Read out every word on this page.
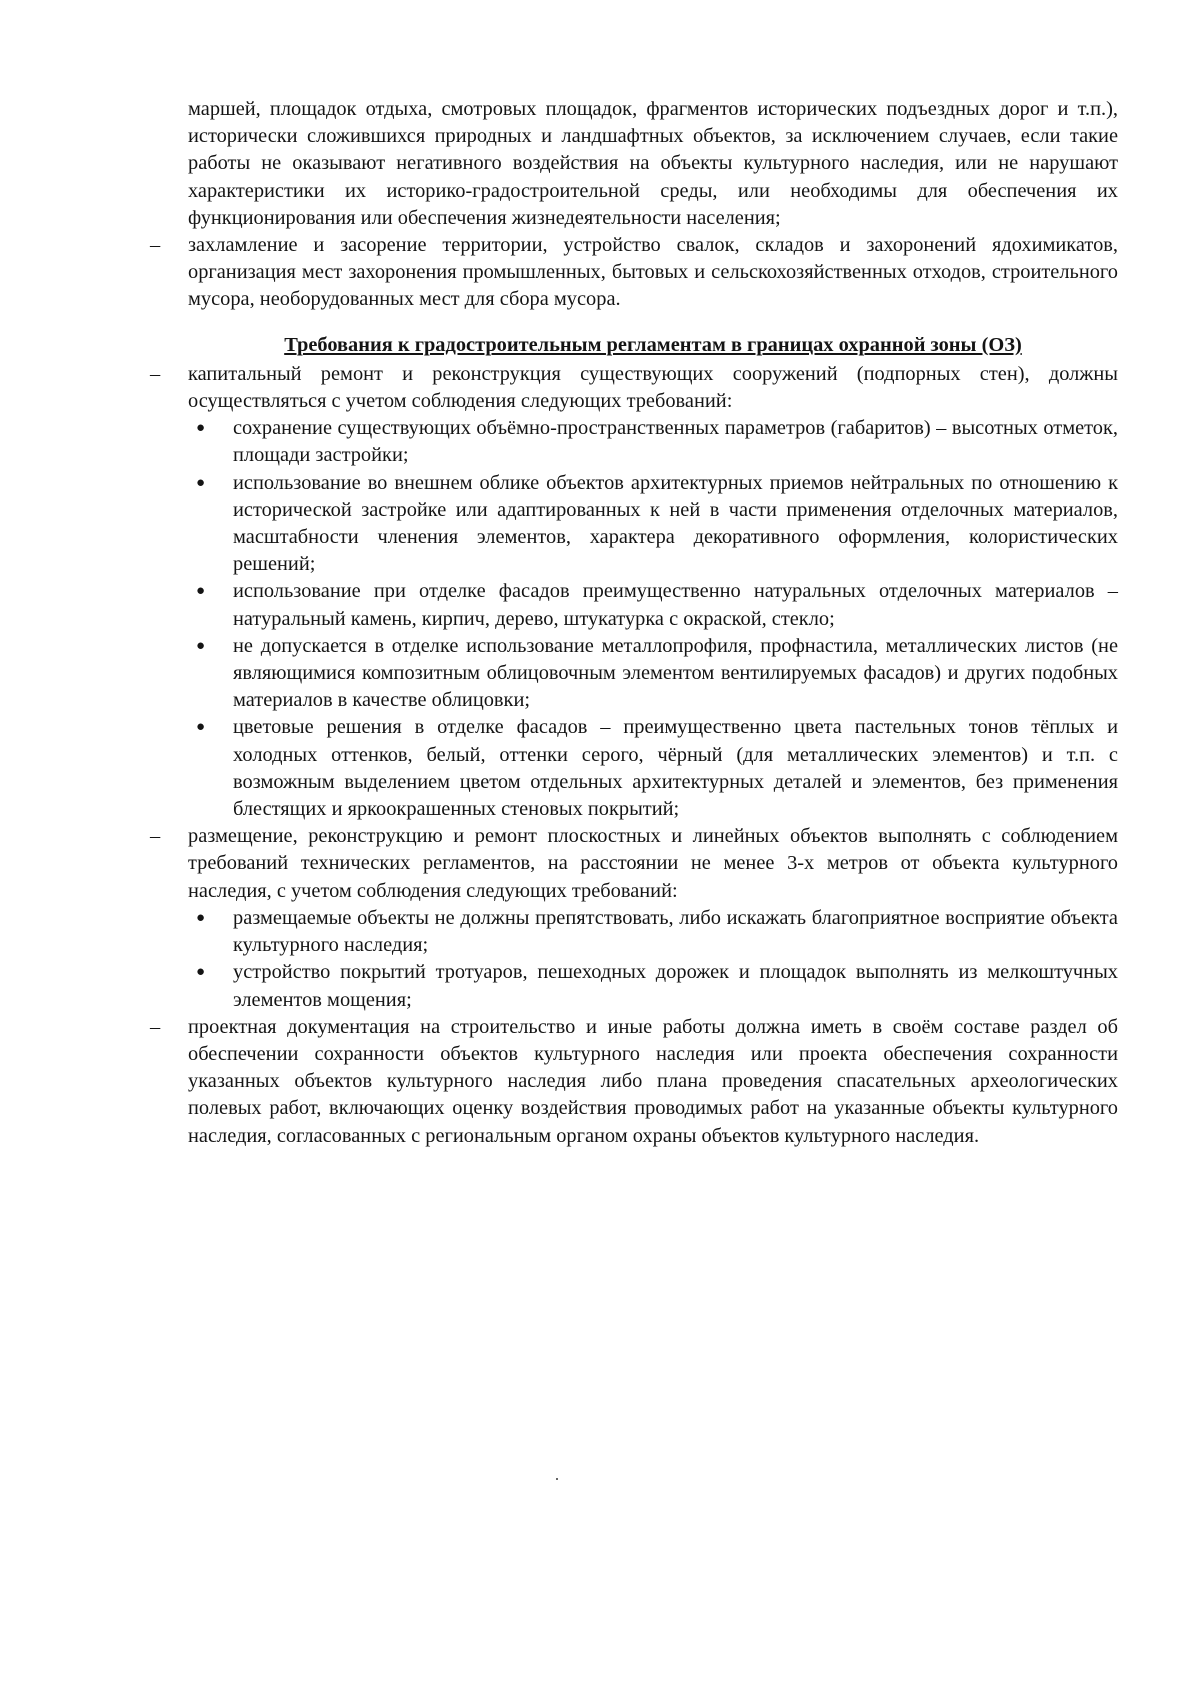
маршей, площадок отдыха, смотровых площадок, фрагментов исторических подъездных дорог и т.п.), исторически сложившихся природных и ландшафтных объектов, за исключением случаев, если такие работы не оказывают негативного воздействия на объекты культурного наследия, или не нарушают характеристики их историко-градостроительной среды, или необходимы для обеспечения их функционирования или обеспечения жизнедеятельности населения;
– захламление и засорение территории, устройство свалок, складов и захоронений ядохимикатов, организация мест захоронения промышленных, бытовых и сельскохозяйственных отходов, строительного мусора, необорудованных мест для сбора мусора.
Требования к градостроительным регламентам в границах охранной зоны (ОЗ)
– капитальный ремонт и реконструкция существующих сооружений (подпорных стен), должны осуществляться с учетом соблюдения следующих требований:
● сохранение существующих объёмно-пространственных параметров (габаритов) – высотных отметок, площади застройки;
● использование во внешнем облике объектов архитектурных приемов нейтральных по отношению к исторической застройке или адаптированных к ней в части применения отделочных материалов, масштабности членения элементов, характера декоративного оформления, колористических решений;
● использование при отделке фасадов преимущественно натуральных отделочных материалов – натуральный камень, кирпич, дерево, штукатурка с окраской, стекло;
● не допускается в отделке использование металлопрофиля, профнастила, металлических листов (не являющимися композитным облицовочным элементом вентилируемых фасадов) и других подобных материалов в качестве облицовки;
● цветовые решения в отделке фасадов – преимущественно цвета пастельных тонов тёплых и холодных оттенков, белый, оттенки серого, чёрный (для металлических элементов) и т.п. с возможным выделением цветом отдельных архитектурных деталей и элементов, без применения блестящих и яркоокрашенных стеновых покрытий;
– размещение, реконструкцию и ремонт плоскостных и линейных объектов выполнять с соблюдением требований технических регламентов, на расстоянии не менее 3-х метров от объекта культурного наследия, с учетом соблюдения следующих требований:
● размещаемые объекты не должны препятствовать, либо искажать благоприятное восприятие объекта культурного наследия;
● устройство покрытий тротуаров, пешеходных дорожек и площадок выполнять из мелкоштучных элементов мощения;
– проектная документация на строительство и иные работы должна иметь в своём составе раздел об обеспечении сохранности объектов культурного наследия или проекта обеспечения сохранности указанных объектов культурного наследия либо плана проведения спасательных археологических полевых работ, включающих оценку воздействия проводимых работ на указанные объекты культурного наследия, согласованных с региональным органом охраны объектов культурного наследия.
